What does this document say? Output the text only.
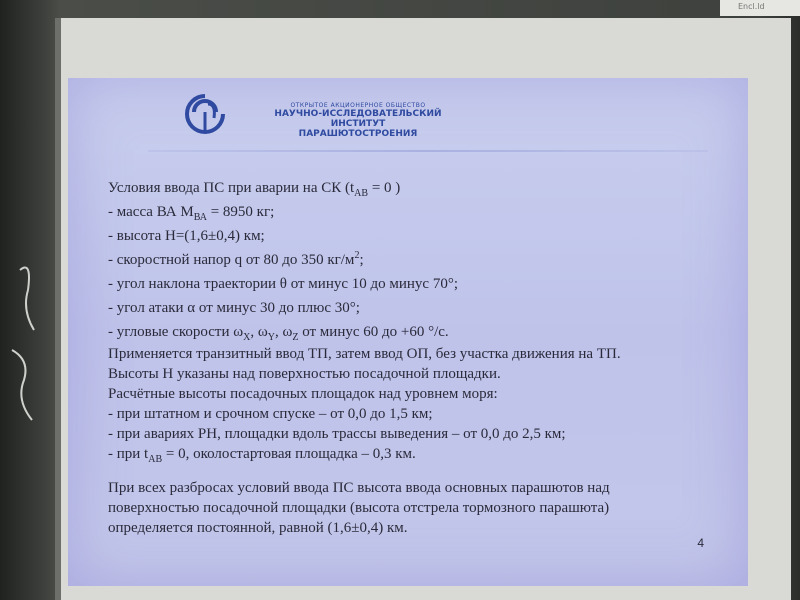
Encl.ld
ОТКРЫТОЕ АКЦИОНЕРНОЕ ОБЩЕСТВО
НАУЧНО-ИССЛЕДОВАТЕЛЬСКИЙ ИНСТИТУТ
ПАРАШЮТОСТРОЕНИЯ

Условия ввода ПС при аварии на СК ($t_{АВ} = 0$ )

- масса ВА $М_{ВА} = 8950$ кг;

- высота Н=(1,6±0,4) км;

- скоростной напор q от 80 до 350 $кг/м^2$;

- угол наклона траектории θ от минус 10 до минус 70°;

- угол атаки α от минус 30 до плюс 30°;

- угловые скорости $\omega_X$, $\omega_Y$, $\omega_Z$ от минус 60 до +60 °/с.

Применяется транзитный ввод ТП, затем ввод ОП, без участка движения на ТП.

Высоты Н указаны над поверхностью посадочной площадки.

Расчётные высоты посадочных площадок над уровнем моря:

- при штатном и срочном спуске – от 0,0 до 1,5 км;

- при авариях РН, площадки вдоль трассы выведения – от 0,0 до 2,5 км;

- при $t_{АВ} = 0$, околостартовая площадка – 0,3 км.

При всех разбросах условий ввода ПС высота ввода основных парашютов над

поверхностью посадочной площадки (высота отстрела тормозного парашюта)

определяется постоянной, равной (1,6±0,4) км.

4
